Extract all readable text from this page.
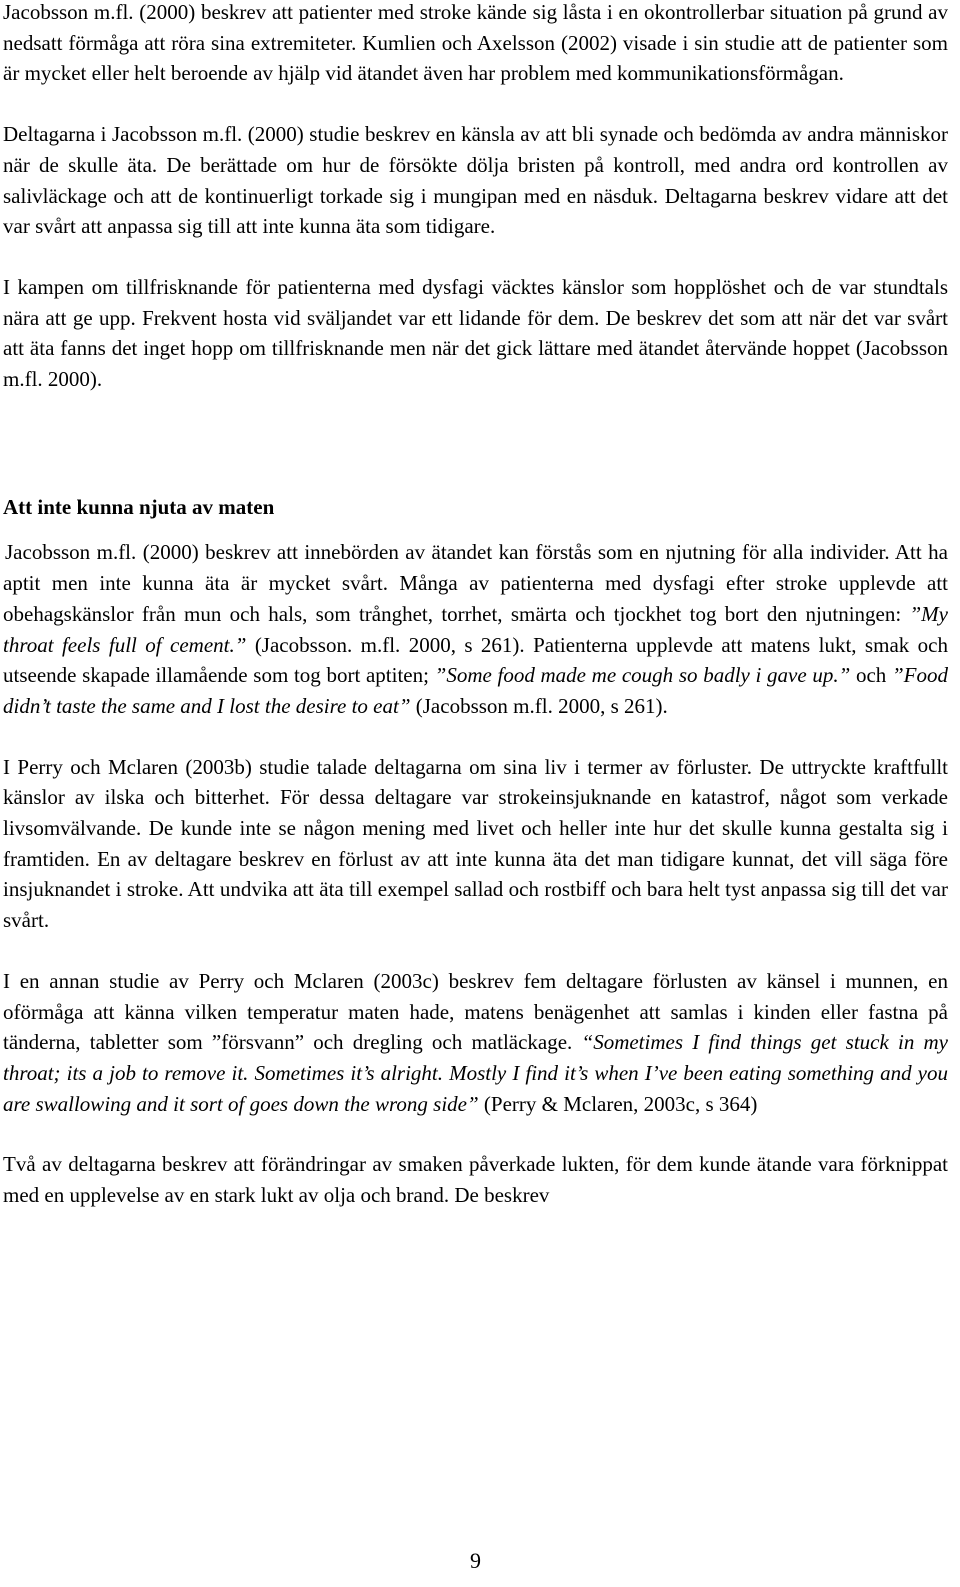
Jacobsson m.fl. (2000) beskrev att patienter med stroke kände sig låsta i en okontrollerbar situation på grund av nedsatt förmåga att röra sina extremiteter. Kumlien och Axelsson (2002) visade i sin studie att de patienter som är mycket eller helt beroende av hjälp vid ätandet även har problem med kommunikationsförmågan.

Deltagarna i Jacobsson m.fl. (2000) studie beskrev en känsla av att bli synade och bedömda av andra människor när de skulle äta. De berättade om hur de försökte dölja bristen på kontroll, med andra ord kontrollen av salivläckage och att de kontinuerligt torkade sig i mungipan med en näsduk. Deltagarna beskrev vidare att det var svårt att anpassa sig till att inte kunna äta som tidigare.

I kampen om tillfrisknande för patienterna med dysfagi väcktes känslor som hopplöshet och de var stundtals nära att ge upp. Frekvent hosta vid sväljandet var ett lidande för dem. De beskrev det som att när det var svårt att äta fanns det inget hopp om tillfrisknande men när det gick lättare med ätandet återvände hoppet (Jacobsson m.fl. 2000).

Att inte kunna njuta av maten

Jacobsson m.fl. (2000) beskrev att innebörden av ätandet kan förstås som en njutning för alla individer. Att ha aptit men inte kunna äta är mycket svårt. Många av patienterna med dysfagi efter stroke upplevde att obehagskänslor från mun och hals, som trånghet, torrhet, smärta och tjockhet tog bort den njutningen: ”My throat feels full of cement.” (Jacobsson. m.fl. 2000, s 261). Patienterna upplevde att matens lukt, smak och utseende skapade illamående som tog bort aptiten; ”Some food made me cough so badly i gave up.” och ”Food didn’t taste the same and I lost the desire to eat” (Jacobsson m.fl. 2000, s 261).

I Perry och Mclaren (2003b) studie talade deltagarna om sina liv i termer av förluster. De uttryckte kraftfullt känslor av ilska och bitterhet. För dessa deltagare var strokeinsjuknande en katastrof, något som verkade livsomvälvande. De kunde inte se någon mening med livet och heller inte hur det skulle kunna gestalta sig i framtiden. En av deltagare beskrev en förlust av att inte kunna äta det man tidigare kunnat, det vill säga före insjuknandet i stroke. Att undvika att äta till exempel sallad och rostbiff och bara helt tyst anpassa sig till det var svårt.

I en annan studie av Perry och Mclaren (2003c) beskrev fem deltagare förlusten av känsel i munnen, en oförmåga att känna vilken temperatur maten hade, matens benägenhet att samlas i kinden eller fastna på tänderna, tabletter som ”försvann” och dregling och matläckage. “Sometimes I find things get stuck in my throat; its a job to remove it. Sometimes it’s alright. Mostly I find it’s when I’ve been eating something and you are swallowing and it sort of goes down the wrong side” (Perry & Mclaren, 2003c, s 364)

Två av deltagarna beskrev att förändringar av smaken påverkade lukten, för dem kunde ätande vara förknippat med en upplevelse av en stark lukt av olja och brand. De beskrev

9
